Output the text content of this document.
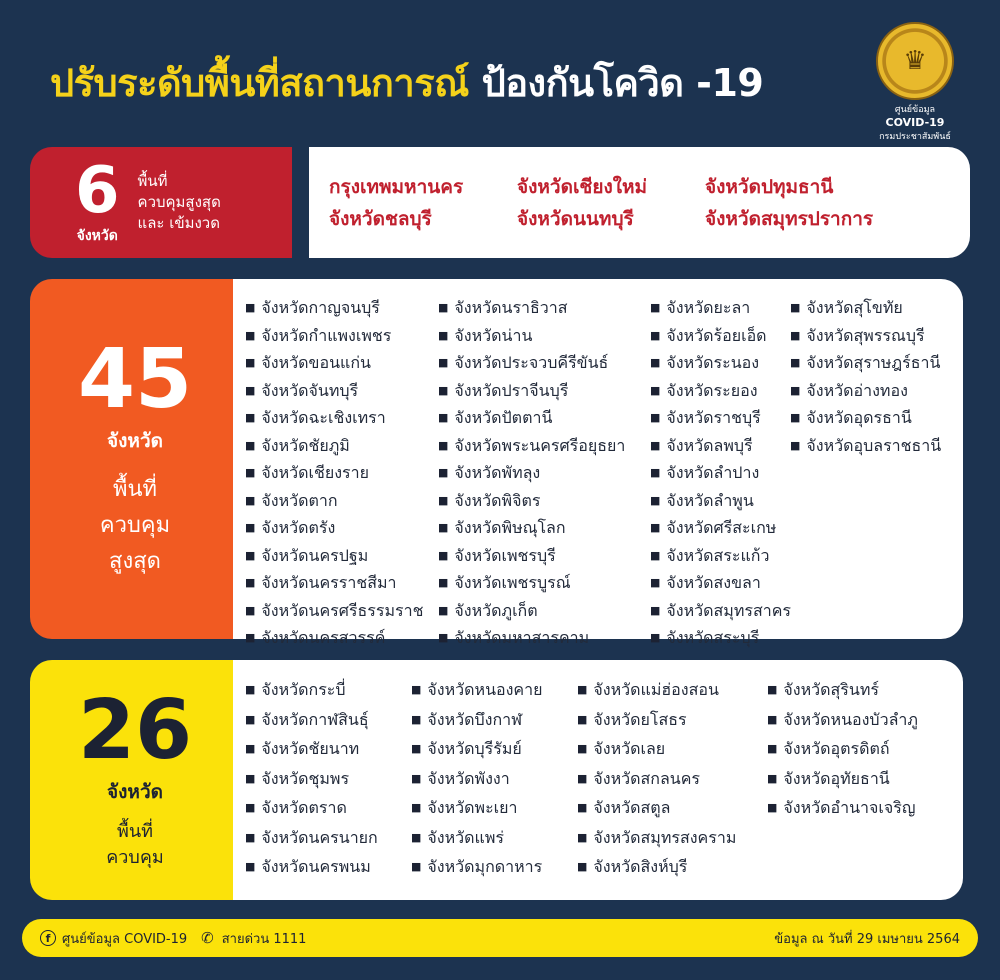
ปรับระดับพื้นที่สถานการณ์ ป้องกันโควิด -19	♛
ศูนย์ข้อมูล
COVID-19
กรมประชาสัมพันธ์
6
จังหวัด
พื้นที่
ควบคุมสูงสุด
และ เข้มงวด
กรุงเทพมหานคร	จังหวัดเชียงใหม่	จังหวัดปทุมธานี
จังหวัดชลบุรี	จังหวัดนนทบุรี	จังหวัดสมุทรปราการ
45
จังหวัด
พื้นที่
ควบคุม
สูงสุด
■ จังหวัดกาญจนบุรี
■ จังหวัดกำแพงเพชร
■ จังหวัดขอนแก่น
■ จังหวัดจันทบุรี
■ จังหวัดฉะเชิงเทรา
■ จังหวัดชัยภูมิ
■ จังหวัดเชียงราย
■ จังหวัดตาก
■ จังหวัดตรัง
■ จังหวัดนครปฐม
■ จังหวัดนครราชสีมา
■ จังหวัดนครศรีธรรมราช
■ จังหวัดนครสวรรค์
■ จังหวัดนราธิวาส
■ จังหวัดน่าน
■ จังหวัดประจวบคีรีขันธ์
■ จังหวัดปราจีนบุรี
■ จังหวัดปัตตานี
■ จังหวัดพระนครศรีอยุธยา
■ จังหวัดพัทลุง
■ จังหวัดพิจิตร
■ จังหวัดพิษณุโลก
■ จังหวัดเพชรบุรี
■ จังหวัดเพชรบูรณ์
■ จังหวัดภูเก็ต
■ จังหวัดมหาสารคาม
■ จังหวัดยะลา
■ จังหวัดร้อยเอ็ด
■ จังหวัดระนอง
■ จังหวัดระยอง
■ จังหวัดราชบุรี
■ จังหวัดลพบุรี
■ จังหวัดลำปาง
■ จังหวัดลำพูน
■ จังหวัดศรีสะเกษ
■ จังหวัดสระแก้ว
■ จังหวัดสงขลา
■ จังหวัดสมุทรสาคร
■ จังหวัดสระบุรี
■ จังหวัดสุโขทัย
■ จังหวัดสุพรรณบุรี
■ จังหวัดสุราษฎร์ธานี
■ จังหวัดอ่างทอง
■ จังหวัดอุดรธานี
■ จังหวัดอุบลราชธานี
26
จังหวัด
พื้นที่
ควบคุม
■ จังหวัดกระบี่
■ จังหวัดกาฬสินธุ์
■ จังหวัดชัยนาท
■ จังหวัดชุมพร
■ จังหวัดตราด
■ จังหวัดนครนายก
■ จังหวัดนครพนม
■ จังหวัดหนองคาย
■ จังหวัดบึงกาฬ
■ จังหวัดบุรีรัมย์
■ จังหวัดพังงา
■ จังหวัดพะเยา
■ จังหวัดแพร่
■ จังหวัดมุกดาหาร
■ จังหวัดแม่ฮ่องสอน
■ จังหวัดยโสธร
■ จังหวัดเลย
■ จังหวัดสกลนคร
■ จังหวัดสตูล
■ จังหวัดสมุทรสงคราม
■ จังหวัดสิงห์บุรี
■ จังหวัดสุรินทร์
■ จังหวัดหนองบัวลำภู
■ จังหวัดอุตรดิตถ์
■ จังหวัดอุทัยธานี
■ จังหวัดอำนาจเจริญ
f ศูนย์ข้อมูล COVID-19 ✆ สายด่วน 1111	ข้อมูล ณ วันที่ 29 เมษายน 2564
